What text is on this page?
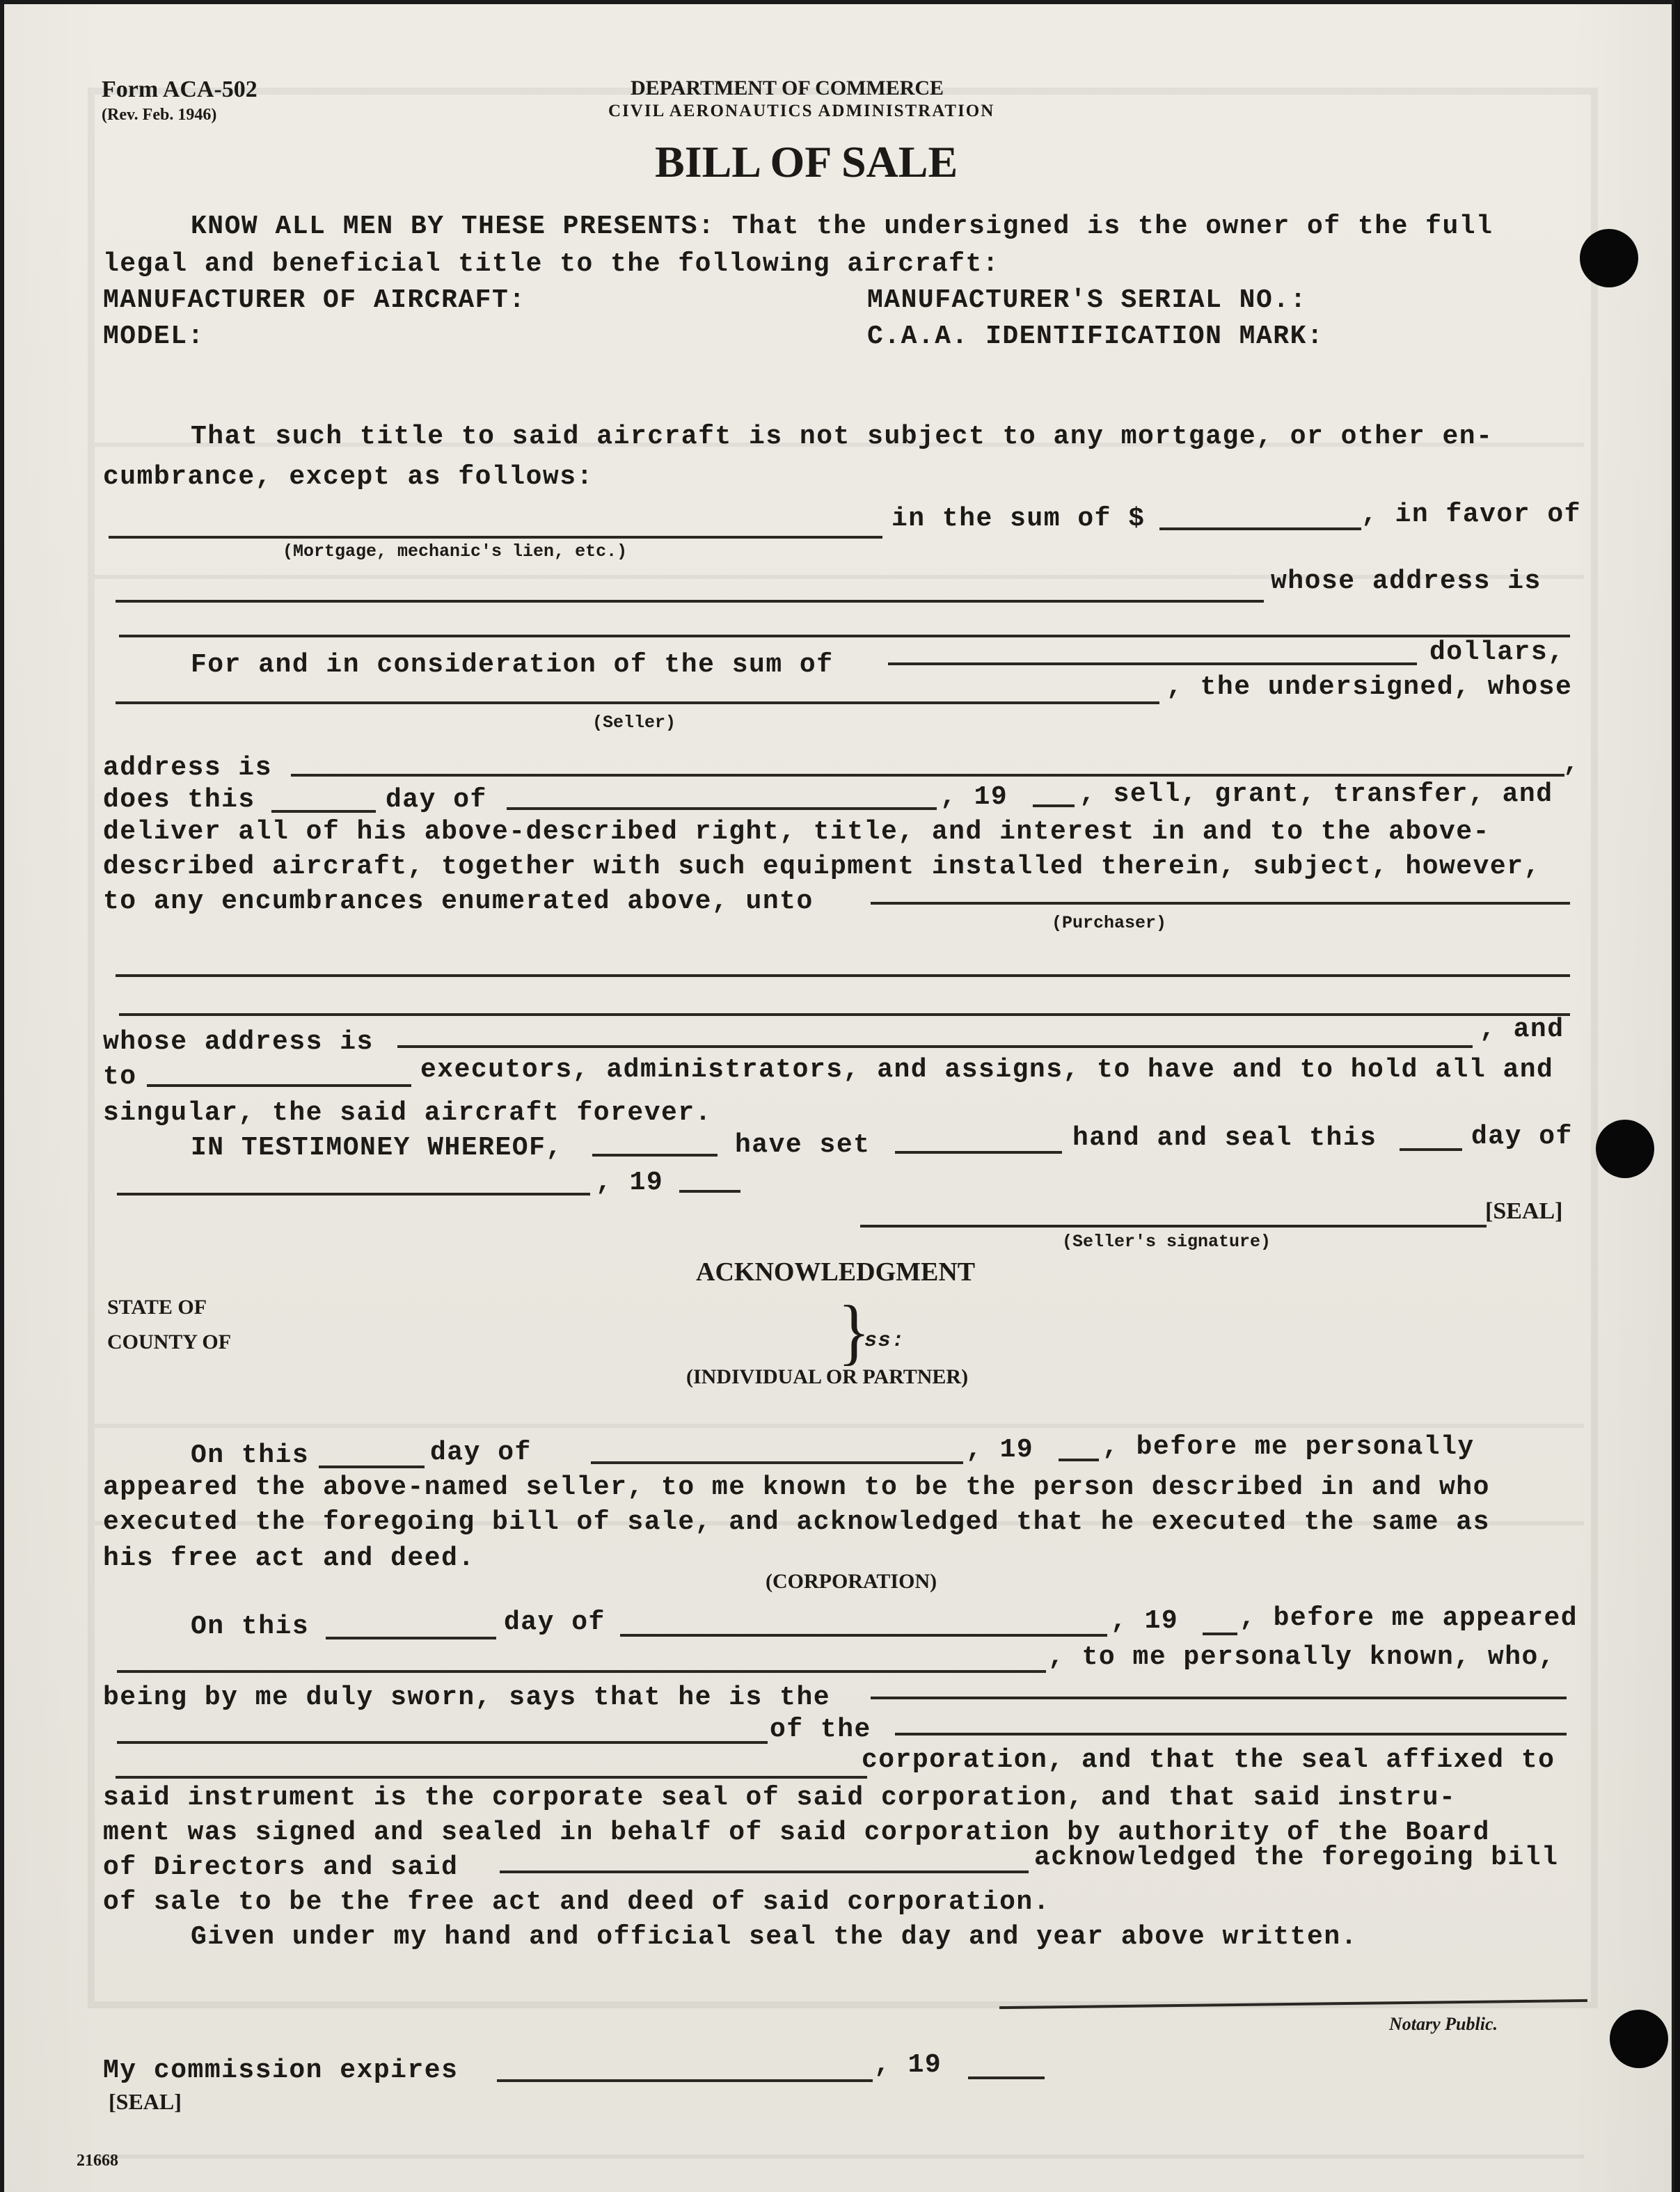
Form ACA-502
(Rev. Feb. 1946)
DEPARTMENT OF COMMERCE
CIVIL AERONAUTICS ADMINISTRATION
BILL OF SALE
KNOW ALL MEN BY THESE PRESENTS: That the undersigned is the owner of the full
legal and beneficial title to the following aircraft:
MANUFACTURER OF AIRCRAFT:	MANUFACTURER'S SERIAL NO.:
MODEL:	C.A.A. IDENTIFICATION MARK:
That such title to said aircraft is not subject to any mortgage, or other en-
cumbrance, except as follows:
in the sum of $	, in favor of
(Mortgage, mechanic's lien, etc.)
whose address is
For and in consideration of the sum of	dollars,
, the undersigned, whose
(Seller)
address is	,
does this	day of	, 19	, sell, grant, transfer, and
deliver all of his above-described right, title, and interest in and to the above-
described aircraft, together with such equipment installed therein, subject, however,
to any encumbrances enumerated above, unto
(Purchaser)
whose address is	, and
to	executors, administrators, and assigns, to have and to hold all and
singular, the said aircraft forever.
IN TESTIMONEY WHEREOF,	have set	hand and seal this	day of
, 19
[SEAL]
(Seller's signature)
ACKNOWLEDGMENT
STATE OF
COUNTY OF	}
ss:
(INDIVIDUAL OR PARTNER)
On this	day of	, 19	, before me personally
appeared the above-named seller, to me known to be the person described in and who
executed the foregoing bill of sale, and acknowledged that he executed the same as
his free act and deed.
(CORPORATION)
On this	day of	, 19 , before me appeared
, to me personally known, who,
being by me duly sworn, says that he is the
of the
corporation, and that the seal affixed to
said instrument is the corporate seal of said corporation, and that said instru-
ment was signed and sealed in behalf of said corporation by authority of the Board
of Directors and said	acknowledged the foregoing bill
of sale to be the free act and deed of said corporation.
Given under my hand and official seal the day and year above written.
Notary Public.
My commission expires	, 19
[SEAL]
21668
